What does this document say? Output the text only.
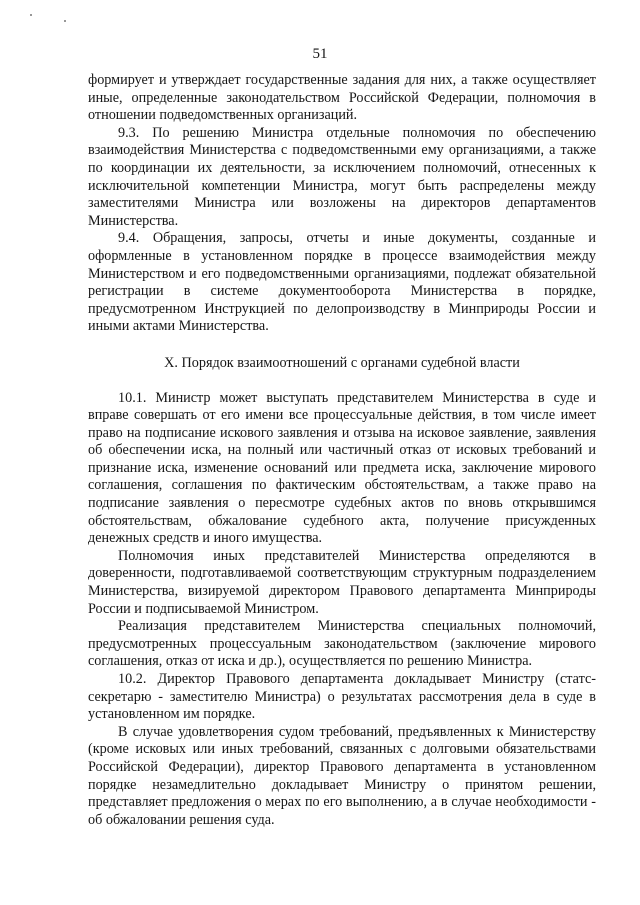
51

формирует и утверждает государственные задания для них, а также осуществляет иные, определенные законодательством Российской Федерации, полномочия в отношении подведомственных организаций.

9.3. По решению Министра отдельные полномочия по обеспечению взаимодействия Министерства с подведомственными ему организациями, а также по координации их деятельности, за исключением полномочий, отнесенных к исключительной компетенции Министра, могут быть распределены между заместителями Министра или возложены на директоров департаментов Министерства.

9.4. Обращения, запросы, отчеты и иные документы, созданные и оформленные в установленном порядке в процессе взаимодействия между Министерством и его подведомственными организациями, подлежат обязательной регистрации в системе документооборота Министерства в порядке, предусмотренном Инструкцией по делопроизводству в Минприроды России и иными актами Министерства.

X. Порядок взаимоотношений с органами судебной власти

10.1. Министр может выступать представителем Министерства в суде и вправе совершать от его имени все процессуальные действия, в том числе имеет право на подписание искового заявления и отзыва на исковое заявление, заявления об обеспечении иска, на полный или частичный отказ от исковых требований и признание иска, изменение оснований или предмета иска, заключение мирового соглашения, соглашения по фактическим обстоятельствам, а также право на подписание заявления о пересмотре судебных актов по вновь открывшимся обстоятельствам, обжалование судебного акта, получение присужденных денежных средств и иного имущества.

Полномочия иных представителей Министерства определяются в доверенности, подготавливаемой соответствующим структурным подразделением Министерства, визируемой директором Правового департамента Минприроды России и подписываемой Министром.

Реализация представителем Министерства специальных полномочий, предусмотренных процессуальным законодательством (заключение мирового соглашения, отказ от иска и др.), осуществляется по решению Министра.

10.2. Директор Правового департамента докладывает Министру (статс-секретарю - заместителю Министра) о результатах рассмотрения дела в суде в установленном им порядке.

В случае удовлетворения судом требований, предъявленных к Министерству (кроме исковых или иных требований, связанных с долговыми обязательствами Российской Федерации), директор Правового департамента в установленном порядке незамедлительно докладывает Министру о принятом решении, представляет предложения о мерах по его выполнению, а в случае необходимости - об обжаловании решения суда.
